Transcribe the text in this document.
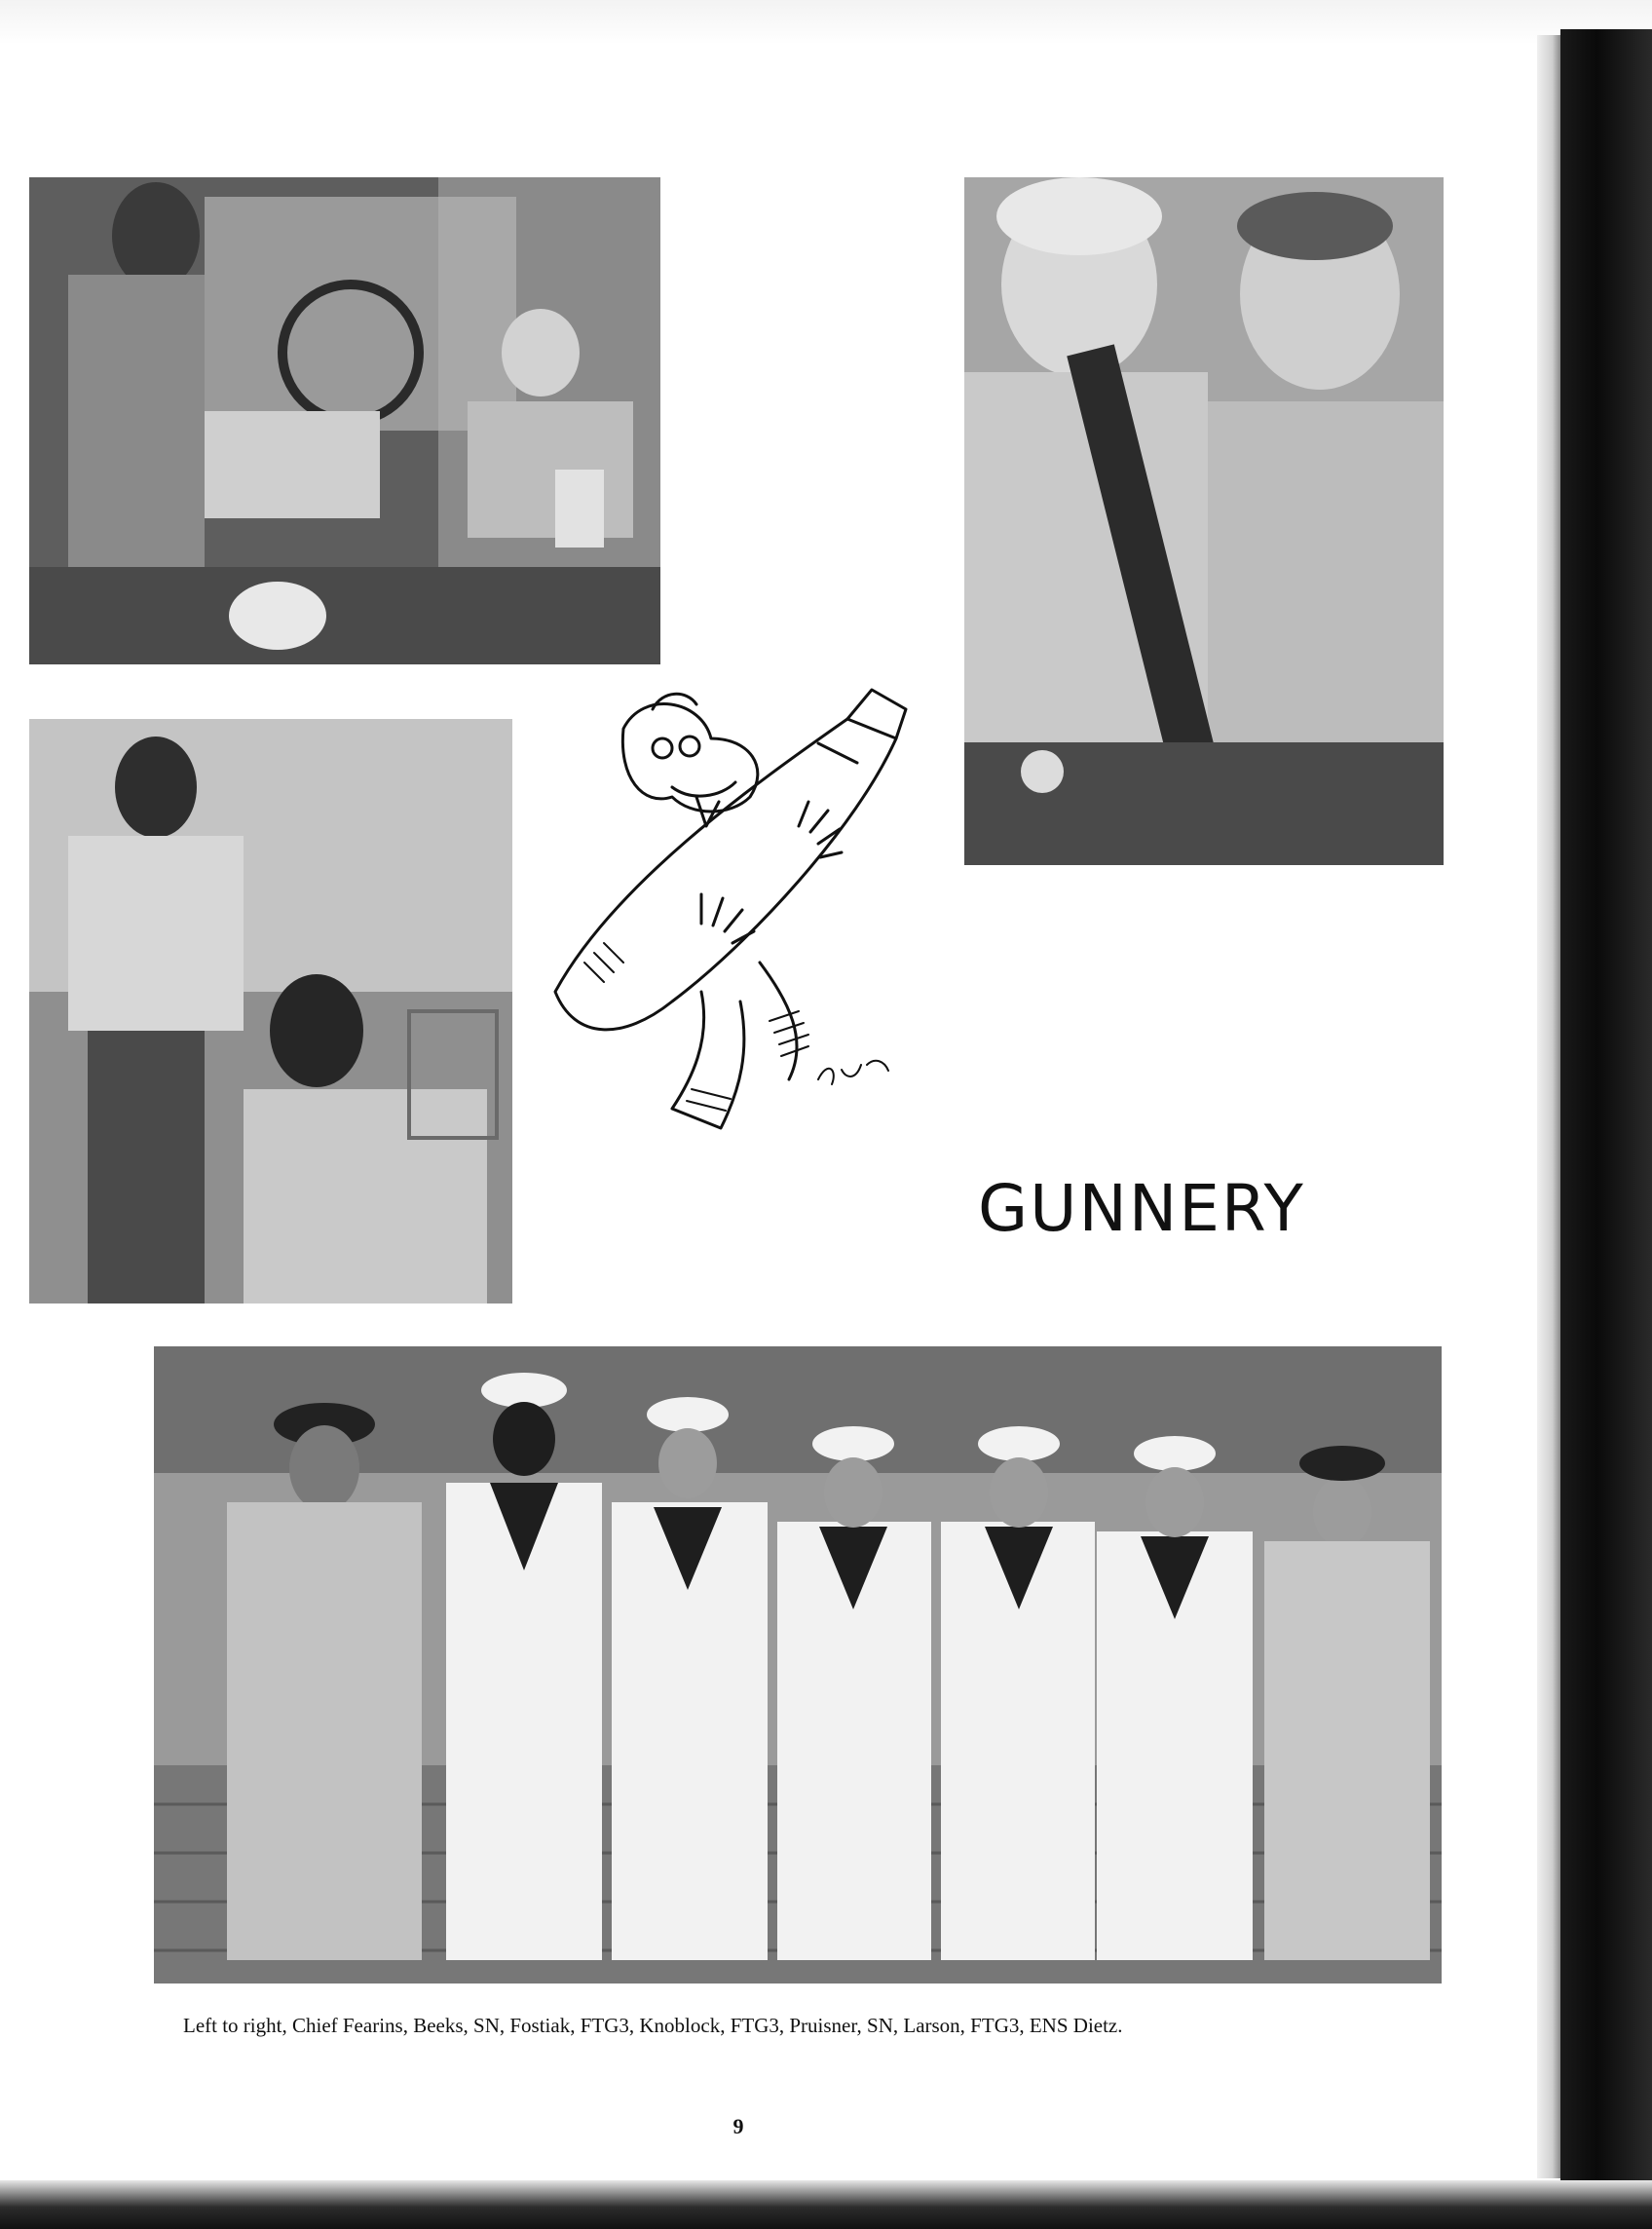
GUNNERY

Left to right, Chief Fearins, Beeks, SN, Fostiak, FTG3, Knoblock, FTG3, Pruisner, SN, Larson, FTG3, ENS Dietz.

9
